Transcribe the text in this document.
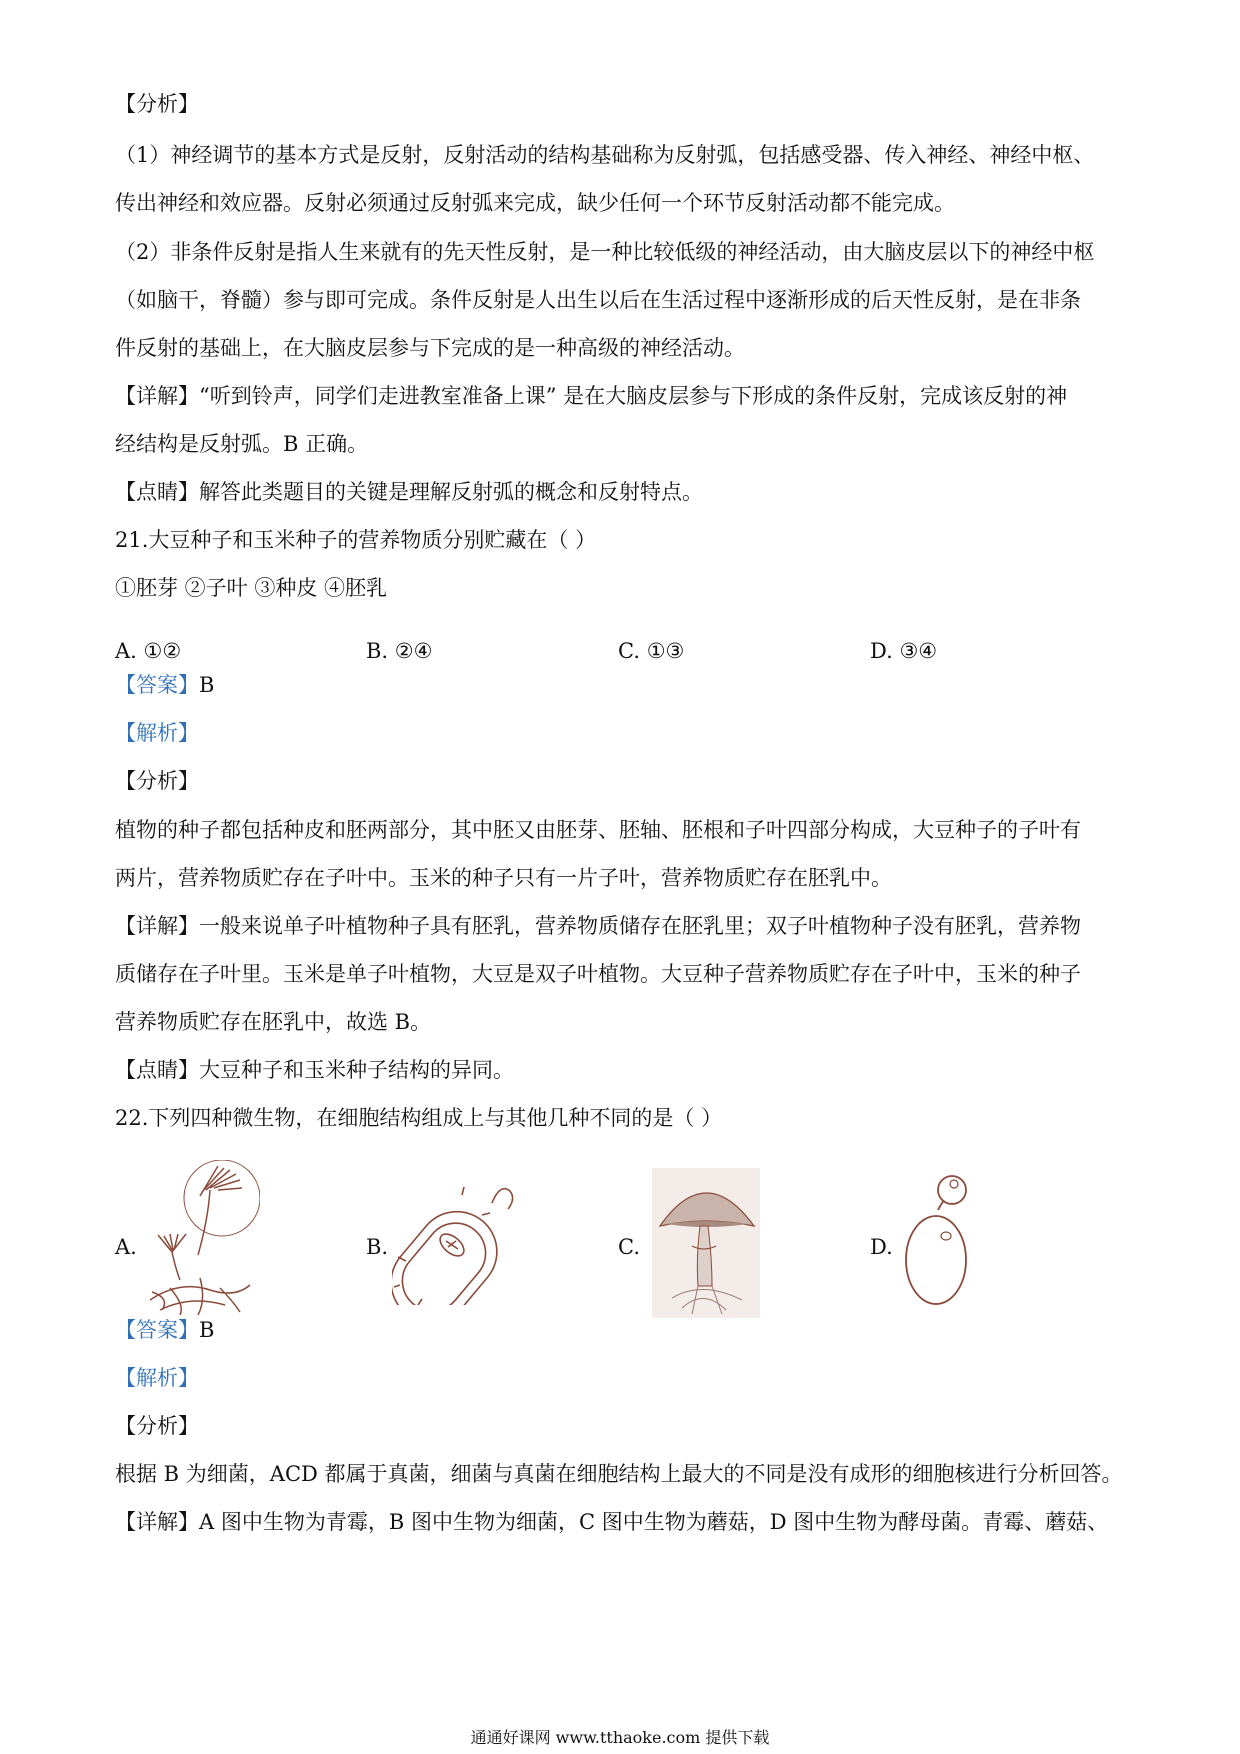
【分析】
（1）神经调节的基本方式是反射，反射活动的结构基础称为反射弧，包括感受器、传入神经、神经中枢、
传出神经和效应器。反射必须通过反射弧来完成，缺少任何一个环节反射活动都不能完成。
（2）非条件反射是指人生来就有的先天性反射，是一种比较低级的神经活动，由大脑皮层以下的神经中枢
（如脑干，脊髓）参与即可完成。条件反射是人出生以后在生活过程中逐渐形成的后天性反射，是在非条
件反射的基础上，在大脑皮层参与下完成的是一种高级的神经活动。
【详解】“听到铃声，同学们走进教室准备上课” 是在大脑皮层参与下形成的条件反射，完成该反射的神
经结构是反射弧。B 正确。
【点睛】解答此类题目的关键是理解反射弧的概念和反射特点。
21.大豆种子和玉米种子的营养物质分别贮藏在（ ）
①胚芽 ②子叶 ③种皮 ④胚乳
A. ①②	B. ②④	C. ①③	D. ③④
【答案】B
【解析】
【分析】
植物的种子都包括种皮和胚两部分，其中胚又由胚芽、胚轴、胚根和子叶四部分构成，大豆种子的子叶有
两片，营养物质贮存在子叶中。玉米的种子只有一片子叶，营养物质贮存在胚乳中。
【详解】一般来说单子叶植物种子具有胚乳，营养物质储存在胚乳里；双子叶植物种子没有胚乳，营养物
质储存在子叶里。玉米是单子叶植物，大豆是双子叶植物。大豆种子营养物质贮存在子叶中，玉米的种子
营养物质贮存在胚乳中，故选 B。
【点睛】大豆种子和玉米种子结构的异同。
22.下列四种微生物，在细胞结构组成上与其他几种不同的是（ ）
A.	B.	C.	D.
【答案】B
【解析】
【分析】
根据 B 为细菌，ACD 都属于真菌，细菌与真菌在细胞结构上最大的不同是没有成形的细胞核进行分析回答。
【详解】A 图中生物为青霉，B 图中生物为细菌，C 图中生物为蘑菇，D 图中生物为酵母菌。青霉、蘑菇、
通通好课网 www.tthaoke.com 提供下载
